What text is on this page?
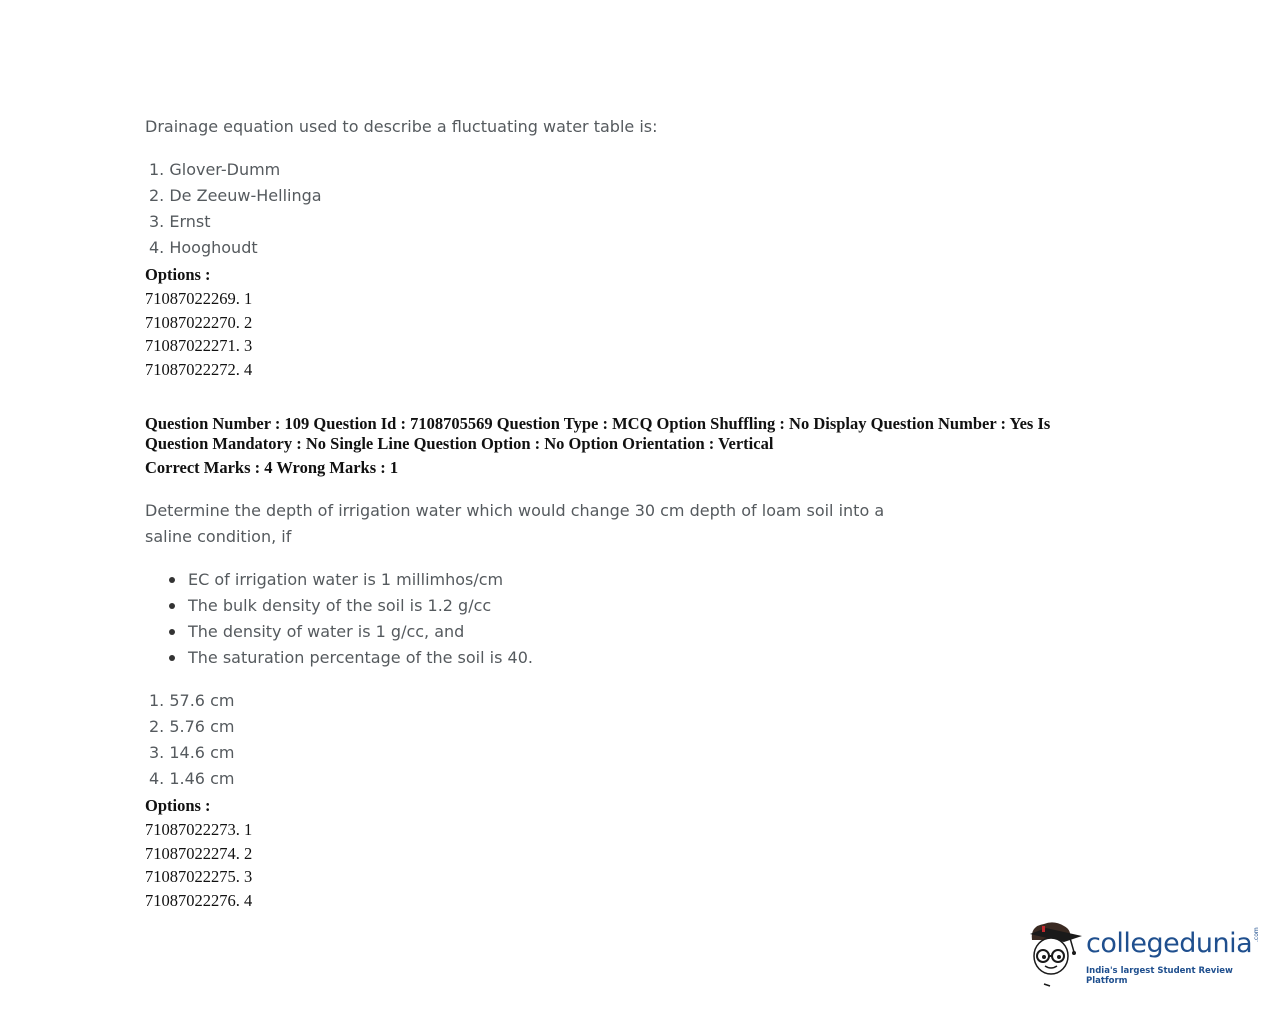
Drainage equation used to describe a fluctuating water table is:
1. Glover-Dumm
2. De Zeeuw-Hellinga
3. Ernst
4. Hooghoudt
Options :
71087022269. 1
71087022270. 2
71087022271. 3
71087022272. 4
Question Number : 109 Question Id : 7108705569 Question Type : MCQ Option Shuffling : No Display Question Number : Yes Is
Question Mandatory : No Single Line Question Option : No Option Orientation : Vertical
Correct Marks : 4 Wrong Marks : 1
Determine the depth of irrigation water which would change 30 cm depth of loam soil into a
saline condition, if
EC of irrigation water is 1 millimhos/cm
The bulk density of the soil is 1.2 g/cc
The density of water is 1 g/cc, and
The saturation percentage of the soil is 40.
1. 57.6 cm
2. 5.76 cm
3. 14.6 cm
4. 1.46 cm
Options :
71087022273. 1
71087022274. 2
71087022275. 3
71087022276. 4
collegedunia .com
India's largest Student Review Platform
